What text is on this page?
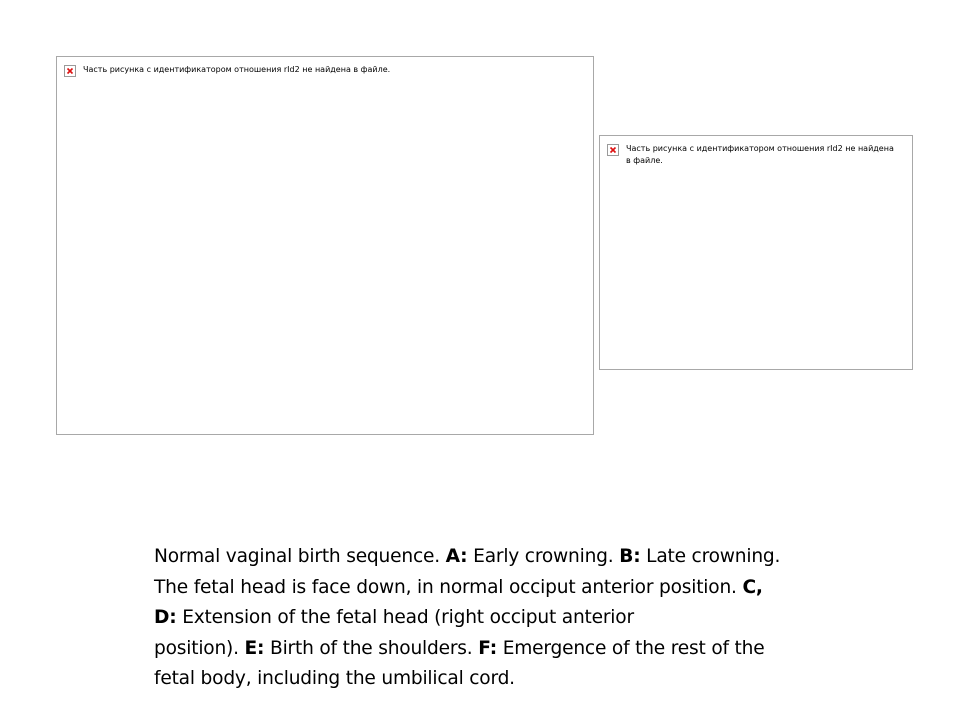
Часть рисунка с идентификатором отношения rId2 не найдена в файле.
Часть рисунка с идентификатором отношения rId2 не найдена в файле.
Normal vaginal birth sequence. A: Early crowning. B: Late crowning.
The fetal head is face down, in normal occiput anterior position. C,
D: Extension of the fetal head (right occiput anterior
position). E: Birth of the shoulders. F: Emergence of the rest of the
fetal body, including the umbilical cord.
